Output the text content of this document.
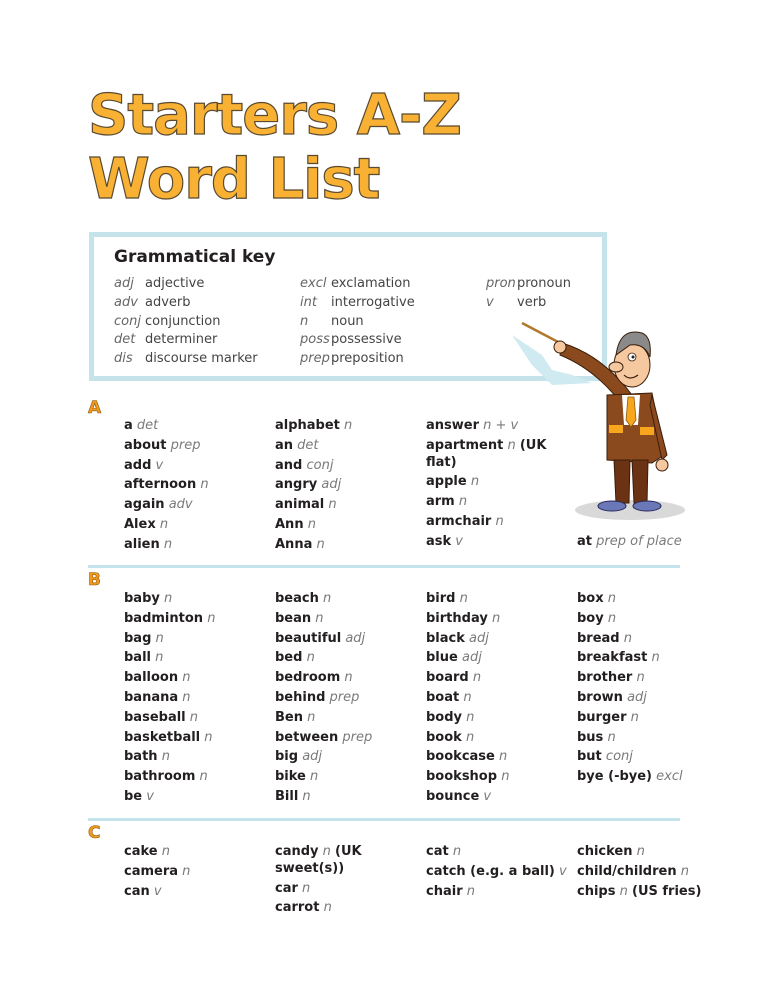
Starters A-Z
Word List
Grammatical key
adj adjective
adv adverb
conj conjunction
det determiner
dis discourse marker
excl exclamation
int interrogative
n noun
posspossessive
preppreposition
pronpronoun
v verb
A
a det
about prep
add v
afternoon n
again adv
Alex n
alien n
alphabet n
an det
and conj
angry adj
animal n
Ann n
Anna n
answer n + v
apartment n (UK flat)
apple n
arm n
armchair n
ask v	at prep of place
B
baby n
badminton n
bag n
ball n
balloon n
banana n
baseball n
basketball n
bath n
bathroom n
be v
beach n
bean n
beautiful adj
bed n
bedroom n
behind prep
Ben n
between prep
big adj
bike n
Bill n
bird n
birthday n
black adj
blue adj
board n
boat n
body n
book n
bookcase n
bookshop n
bounce v
box n
boy n
bread n
breakfast n
brother n
brown adj
burger n
bus n
but conj
bye (-bye) excl
C
cake n
camera n
can v
candy n (UK sweet(s))
car n
carrot n
cat n
catch (e.g. a ball) v
chair n
chicken n
child/children n
chips n (US fries)
